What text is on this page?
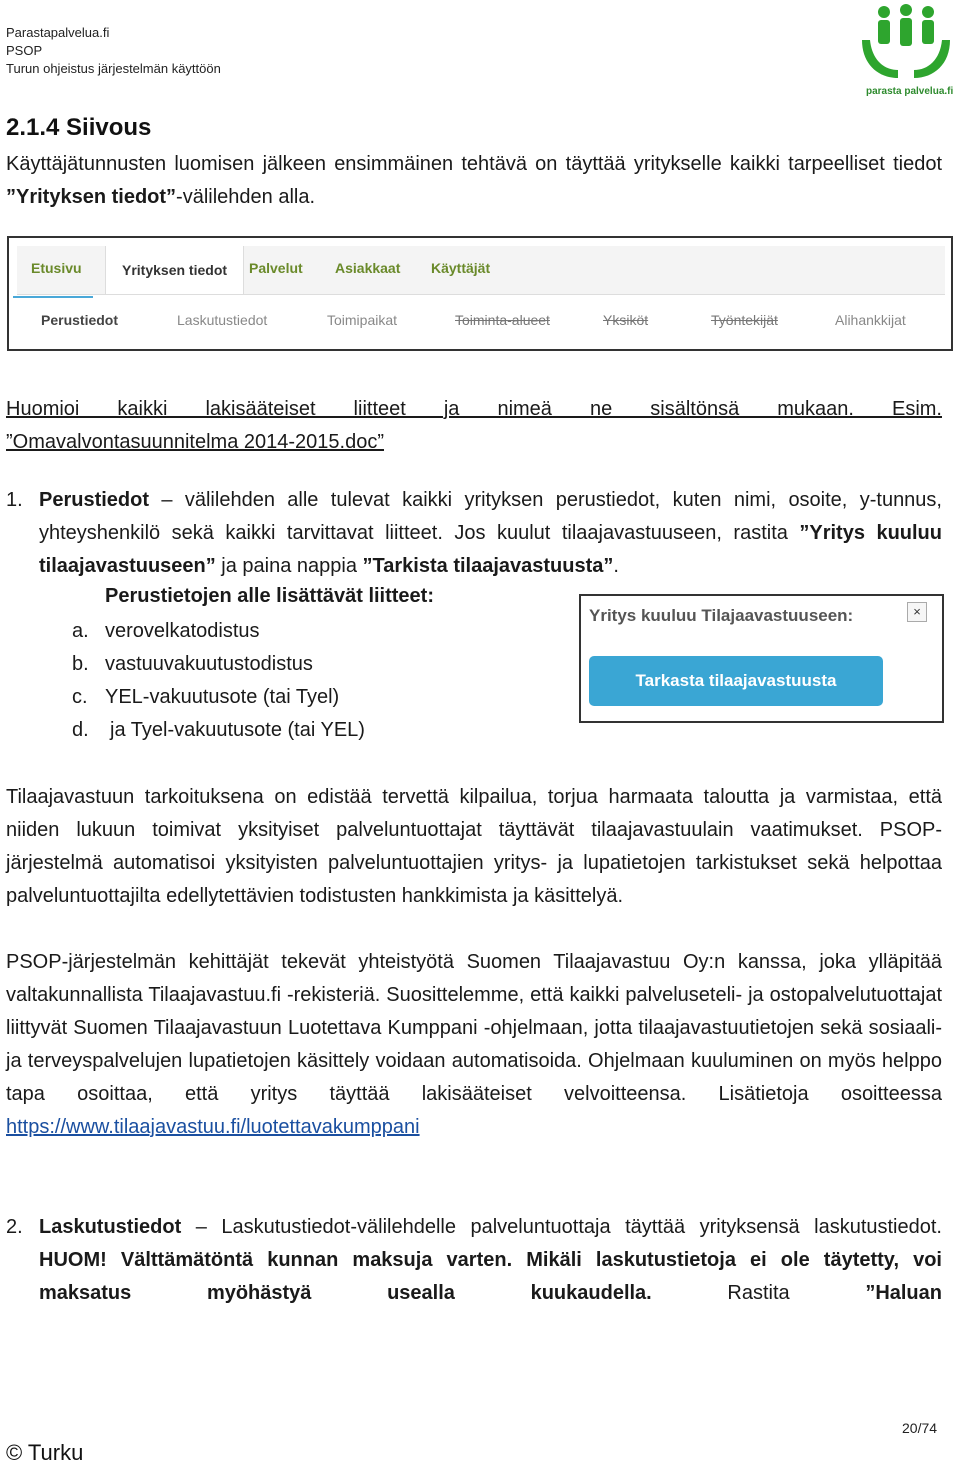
Parastapalvelua.fi
PSOP
Turun ohjeistus järjestelmän käyttöön
parasta palvelua.fi
2.1.4 Siivous

Käyttäjätunnusten luomisen jälkeen ensimmäinen tehtävä on täyttää yritykselle kaikki tarpeelliset tiedot ”Yrityksen tiedot”-välilehden alla.

Etusivu	Yrityksen tiedot	Palvelut Asiakkaat Käyttäjät
Perustiedot	Laskutustiedot	Toimipaikat	Toiminta-alueet	Yksiköt	Työntekijät	Alihankkijat

Huomioi kaikki lakisääteiset liitteet ja nimeä ne sisältönsä mukaan. Esim.

”Omavalvontasuunnitelma 2014-2015.doc”

1. Perustiedot – välilehden alle tulevat kaikki yrityksen perustiedot, kuten nimi, osoite, y-tunnus, yhteyshenkilö sekä kaikki tarvittavat liitteet. Jos kuulut tilaajavastuuseen, rastita ”Yritys kuuluu tilaajavastuuseen” ja paina nappia ”Tarkista tilaajavastuusta”.

Perustietojen alle lisättävät liitteet:
a. verovelkatodistus
b. vastuuvakuutustodistus
c. YEL-vakuutusote (tai Tyel)
d. ja Tyel-vakuutusote (tai YEL)
Yritys kuuluu Tilajaavastuuseen:	×
Tarkasta tilaajavastuusta

Tilaajavastuun tarkoituksena on edistää tervettä kilpailua, torjua harmaata taloutta ja varmistaa, että niiden lukuun toimivat yksityiset palveluntuottajat täyttävät tilaajavastuulain vaatimukset. PSOP-järjestelmä automatisoi yksityisten palveluntuottajien yritys- ja lupatietojen tarkistukset sekä helpottaa palveluntuottajilta edellytettävien todistusten hankkimista ja käsittelyä.

PSOP-järjestelmän kehittäjät tekevät yhteistyötä Suomen Tilaajavastuu Oy:n kanssa, joka ylläpitää valtakunnallista Tilaajavastuu.fi -rekisteriä. Suosittelemme, että kaikki palveluseteli- ja ostopalvelutuottajat liittyvät Suomen Tilaajavastuun Luotettava Kumppani -ohjelmaan, jotta tilaajavastuutietojen sekä sosiaali- ja terveyspalvelujen lupatietojen käsittely voidaan automatisoida. Ohjelmaan kuuluminen on myös helppo tapa osoittaa, että yritys täyttää lakisääteiset velvoitteensa. Lisätietoja osoitteessa

https://www.tilaajavastuu.fi/luotettavakumppani

2. Laskutustiedot – Laskutustiedot-välilehdelle palveluntuottaja täyttää yrityksensä laskutustiedot. HUOM! Välttämätöntä kunnan maksuja varten. Mikäli laskutustietoja ei ole täytetty, voi maksatus myöhästyä usealla kuukaudella. Rastita ”Haluan

20/74
© Turku
